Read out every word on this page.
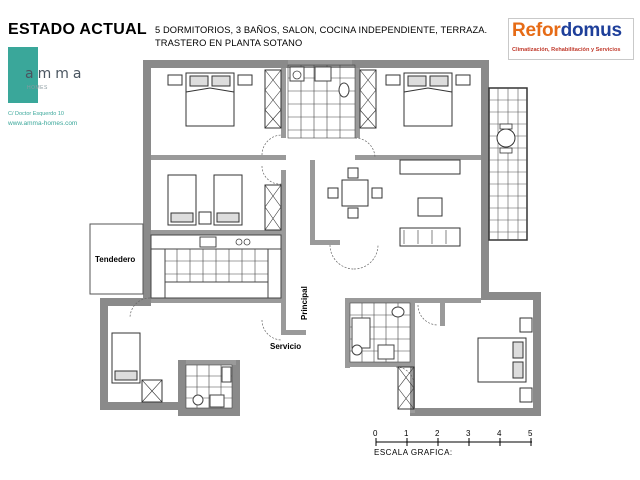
ESTADO ACTUAL 5 DORMITORIOS, 3 BAÑOS, SALON, COCINA INDEPENDIENTE, TERRAZA.
TRASTERO EN PLANTA SOTANO
amma
HOMES
C/ Doctor Esquerdo 10
www.amma-homes.com
Refordomus
Climatización, Rehabilitación y Servicios
0	1	2	3	4	5
Tendedero
Servicio
Principal
ESCALA GRAFICA:
